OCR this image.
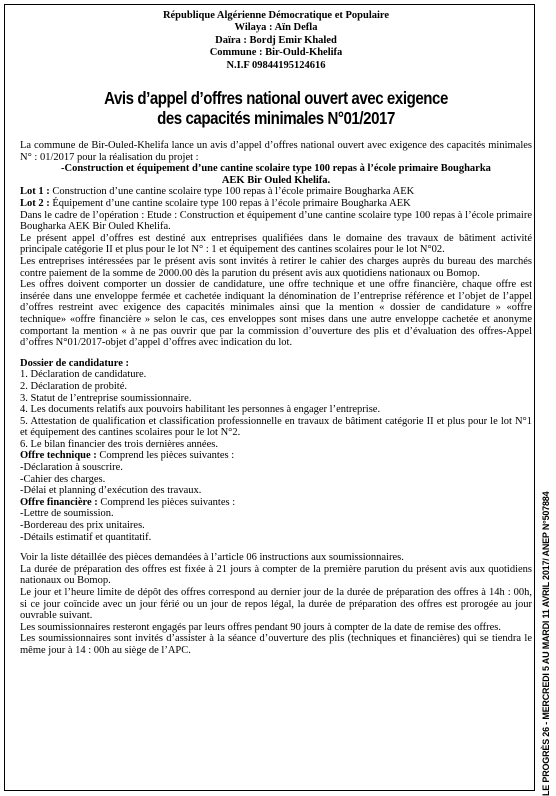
République Algérienne Démocratique et Populaire
Wilaya : Aïn Defla
Daïra : Bordj Emir Khaled
Commune : Bir-Ould-Khelifa
N.I.F 09844195124616
Avis d’appel d’offres national ouvert avec exigence
des capacités minimales N°01/2017

La commune de Bir-Ouled-Khelifa lance un avis d’appel d’offres national ouvert avec exigence des capacités minimales N° : 01/2017 pour la réalisation du projet :

-Construction et équipement d’une cantine scolaire type 100 repas à l’école primaire Bougharka

AEK Bir Ouled Khelifa.

Lot 1 : Construction d’une cantine scolaire type 100 repas à l’école primaire Bougharka AEK

Lot 2 : Équipement d’une cantine scolaire type 100 repas à l’école primaire Bougharka AEK

Dans le cadre de l’opération : Etude : Construction et équipement d’une cantine scolaire type 100 repas à l’école primaire Bougharka AEK Bir Ouled Khelifa.

Le présent appel d’offres est destiné aux entreprises qualifiées dans le domaine des travaux de bâtiment activité principale catégorie II et plus pour le lot N° : 1 et équipement des cantines scolaires pour le lot N°02.

Les entreprises intéressées par le présent avis sont invités à retirer le cahier des charges auprès du bureau des marchés contre paiement de la somme de 2000.00 dès la parution du présent avis aux quotidiens nationaux ou Bomop.

Les offres doivent comporter un dossier de candidature, une offre technique et une offre financière, chaque offre est insérée dans une enveloppe fermée et cachetée indiquant la dénomination de l’entreprise référence et l’objet de l’appel d’offres restreint avec exigence des capacités minimales ainsi que la mention « dossier de candidature » «offre technique» «offre financière » selon le cas, ces enveloppes sont mises dans une autre enveloppe cachetée et anonyme comportant la mention « à ne pas ouvrir que par la commission d’ouverture des plis et d’évaluation des offres-Appel d’offres N°01/2017-objet d’appel d’offres avec indication du lot.

Dossier de candidature :

1. Déclaration de candidature.

2. Déclaration de probité.

3. Statut de l’entreprise soumissionnaire.

4. Les documents relatifs aux pouvoirs habilitant les personnes à engager l’entreprise.

5. Attestation de qualification et classification professionnelle en travaux de bâtiment catégorie II et plus pour le lot N°1 et équipement des cantines scolaires pour le lot N°2.

6. Le bilan financier des trois dernières années.

Offre technique : Comprend les pièces suivantes :

-Déclaration à souscrire.

-Cahier des charges.

-Délai et planning d’exécution des travaux.

Offre financière : Comprend les pièces suivantes :

-Lettre de soumission.

-Bordereau des prix unitaires.

-Détails estimatif et quantitatif.

Voir la liste détaillée des pièces demandées à l’article 06 instructions aux soumissionnaires.

La durée de préparation des offres est fixée à 21 jours à compter de la première parution du présent avis aux quotidiens nationaux ou Bomop.

Le jour et l’heure limite de dépôt des offres correspond au dernier jour de la durée de préparation des offres à 14h : 00h, si ce jour coïncide avec un jour férié ou un jour de repos légal, la durée de préparation des offres est prorogée au jour ouvrable suivant.

Les soumissionnaires resteront engagés par leurs offres pendant 90 jours à compter de la date de remise des offres.

Les soumissionnaires sont invités d’assister à la séance d’ouverture des plis (techniques et financières) qui se tiendra le même jour à 14 : 00h au siège de l’APC.	LE PROGRÈS 26 - MERCREDI 5 AU MARDI 11 AVRIL 2017/ ANEP N°507884
